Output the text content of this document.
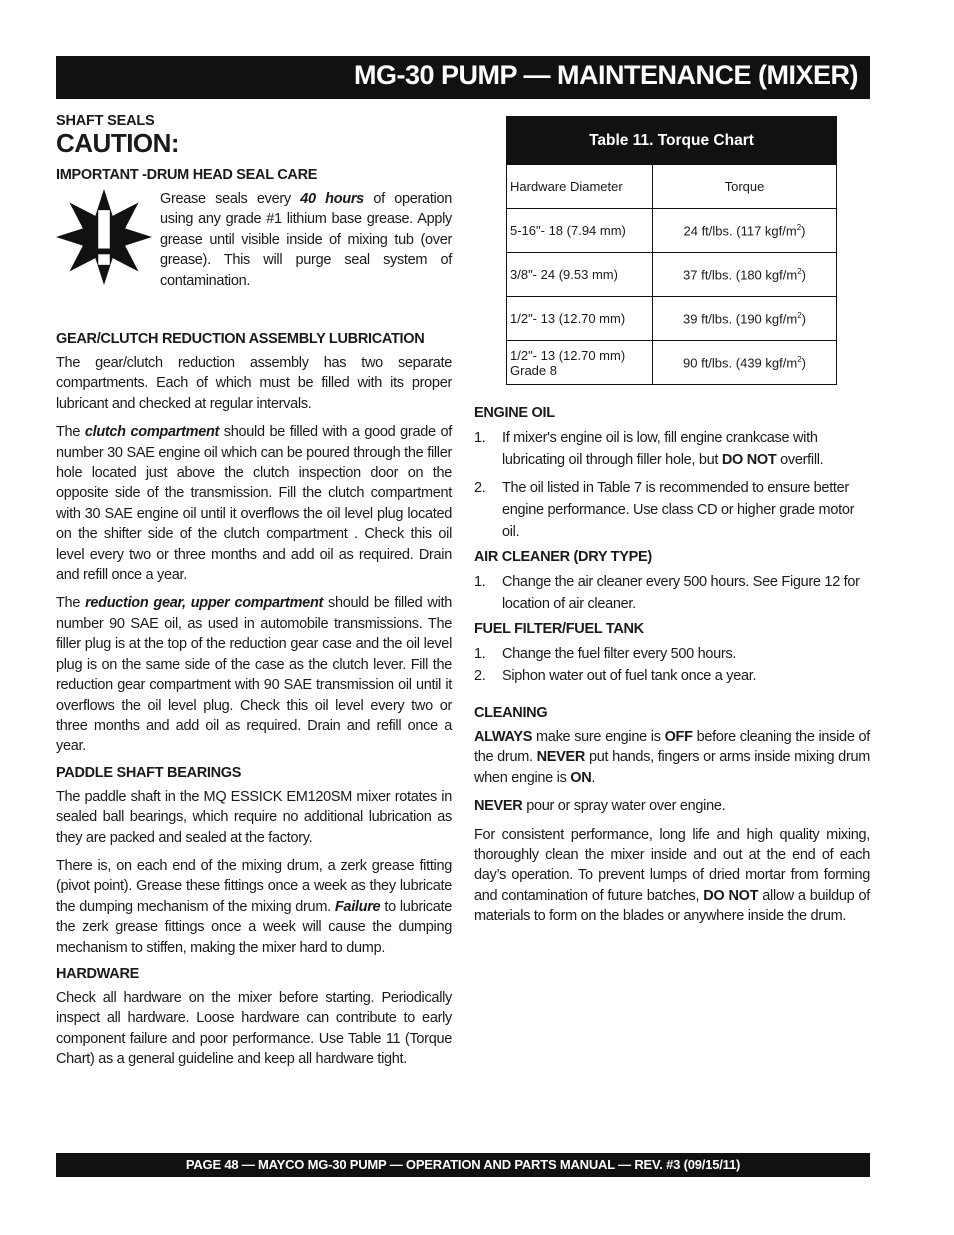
MG-30 PUMP — MAINTENANCE (MIXER)
SHAFT SEALS
CAUTION:
IMPORTANT -DRUM HEAD SEAL CARE
Grease seals every 40 hours of operation using any grade #1 lithium base grease. Apply grease until visible inside of mixing tub (over grease). This will purge seal system of contamination.
GEAR/CLUTCH REDUCTION ASSEMBLY LUBRICATION

The gear/clutch reduction assembly has two separate compartments. Each of which must be filled with its proper lubricant and checked at regular intervals.

The clutch compartment should be filled with a good grade of number 30 SAE engine oil which can be poured through the filler hole located just above the clutch inspection door on the opposite side of the transmission. Fill the clutch compartment with 30 SAE engine oil until it overflows the oil level plug located on the shifter side of the clutch compartment . Check this oil level every two or three months and add oil as required. Drain and refill once a year.

The reduction gear, upper compartment should be filled with number 90 SAE oil, as used in automobile transmissions. The filler plug is at the top of the reduction gear case and the oil level plug is on the same side of the case as the clutch lever. Fill the reduction gear compartment with 90 SAE transmission oil until it overflows the oil level plug. Check this oil level every two or three months and add oil as required. Drain and refill once a year.

PADDLE SHAFT BEARINGS

The paddle shaft in the MQ ESSICK EM120SM mixer rotates in sealed ball bearings, which require no additional lubrication as they are packed and sealed at the factory.

There is, on each end of the mixing drum, a zerk grease fitting (pivot point). Grease these fittings once a week as they lubricate the dumping mechanism of the mixing drum. Failure to lubricate the zerk grease fittings once a week will cause the dumping mechanism to stiffen, making the mixer hard to dump.

HARDWARE

Check all hardware on the mixer before starting. Periodically inspect all hardware. Loose hardware can contribute to early component failure and poor performance. Use Table 11 (Torque Chart) as a general guideline and keep all hardware tight.

Table 11. Torque Chart	
Hardware Diameter	Torque
5-16"- 18 (7.94 mm)	24 ft/lbs. (117 kgf/$m^2$)
3/8"- 24 (9.53 mm)	37 ft/lbs. (180 kgf/$m^2$)
1/2"- 13 (12.70 mm)	39 ft/lbs. (190 kgf/$m^2$)

1/2"- 13 (12.70 mm)
Grade 8	90 ft/lbs. (439 kgf/$m^2$)
ENGINE OIL
1. If mixer's engine oil is low, fill engine crankcase with lubricating oil through filler hole, but DO NOT overfill.
2. The oil listed in Table 7 is recommended to ensure better engine performance. Use class CD or higher grade motor oil.
AIR CLEANER (DRY TYPE)
1. Change the air cleaner every 500 hours. See Figure 12 for location of air cleaner.
FUEL FILTER/FUEL TANK
1. Change the fuel filter every 500 hours.
2. Siphon water out of fuel tank once a year.
CLEANING

ALWAYS make sure engine is OFF before cleaning the inside of the drum. NEVER put hands, fingers or arms inside mixing drum when engine is ON.

NEVER pour or spray water over engine.

For consistent performance, long life and high quality mixing, thoroughly clean the mixer inside and out at the end of each day’s operation. To prevent lumps of dried mortar from forming and contamination of future batches, DO NOT allow a buildup of materials to form on the blades or anywhere inside the drum.

PAGE 48 — MAYCO MG-30 PUMP — OPERATION AND PARTS MANUAL — REV. #3 (09/15/11)
